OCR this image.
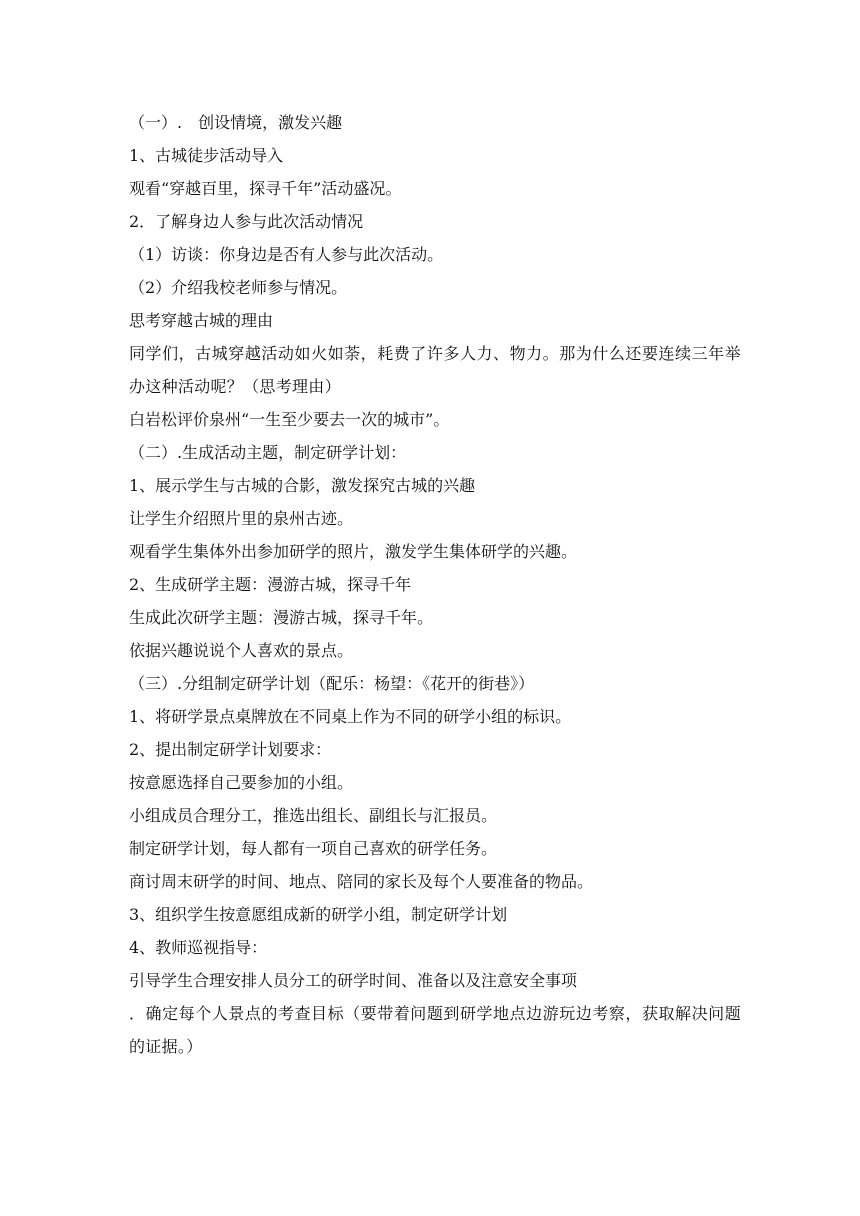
（一）.　创设情境，激发兴趣
1、古城徒步活动导入
观看“穿越百里，探寻千年”活动盛况。
2．了解身边人参与此次活动情况
（1）访谈：你身边是否有人参与此次活动。
（2）介绍我校老师参与情况。
思考穿越古城的理由
同学们，古城穿越活动如火如荼，耗费了许多人力、物力。那为什么还要连续三年举办这种活动呢？（思考理由）
白岩松评价泉州“一生至少要去一次的城市”。
（二）.生成活动主题，制定研学计划：
1、展示学生与古城的合影，激发探究古城的兴趣
让学生介绍照片里的泉州古迹。
观看学生集体外出参加研学的照片，激发学生集体研学的兴趣。
2、生成研学主题：漫游古城，探寻千年
生成此次研学主题：漫游古城，探寻千年。
依据兴趣说说个人喜欢的景点。
（三）.分组制定研学计划（配乐：杨望：《花开的街巷》）
1、将研学景点桌牌放在不同桌上作为不同的研学小组的标识。
2、提出制定研学计划要求：
按意愿选择自己要参加的小组。
小组成员合理分工，推选出组长、副组长与汇报员。
制定研学计划，每人都有一项自己喜欢的研学任务。
商讨周末研学的时间、地点、陪同的家长及每个人要准备的物品。
3、组织学生按意愿组成新的研学小组，制定研学计划
4、教师巡视指导：
引导学生合理安排人员分工的研学时间、准备以及注意安全事项
．确定每个人景点的考查目标（要带着问题到研学地点边游玩边考察，获取解决问题的证据。）
